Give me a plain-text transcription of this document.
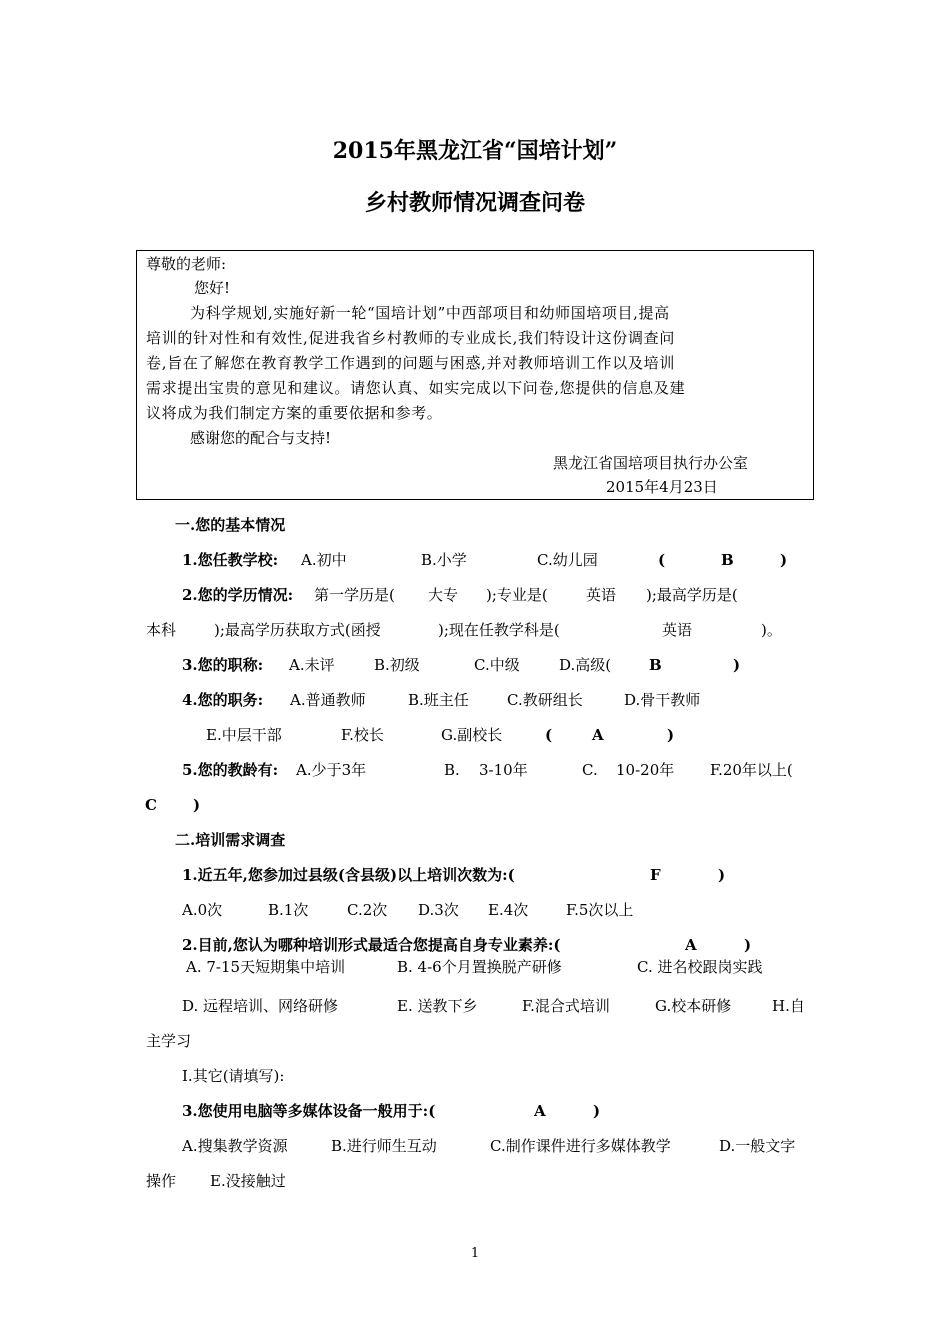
2015年黑龙江省“国培计划”
乡村教师情况调查问卷
尊敬的老师:
您好!
为科学规划,实施好新一轮“国培计划”中西部项目和幼师国培项目,提高
培训的针对性和有效性,促进我省乡村教师的专业成长,我们特设计这份调查问
卷,旨在了解您在教育教学工作遇到的问题与困惑,并对教师培训工作以及培训
需求提出宝贵的意见和建议。请您认真、如实完成以下问卷,您提供的信息及建
议将成为我们制定方案的重要依据和参考。
感谢您的配合与支持!
黑龙江省国培项目执行办公室
2015年4月23日
一.您的基本情况
1.您任教学校: A.初中	B.小学	C.幼儿园	(	B	)
2.您的学历情况: 第一学历是( 大专 );专业是(	英语 );最高学历是(
本科	);最高学历获取方式(函授	);现在任教学科是(	英语	)。
3.您的职称: A.未评	B.初级	C.中级	D.高级(	B	)
4.您的职务: A.普通教师	B.班主任	C.教研组长	D.骨干教师
E.中层干部	F.校长	G.副校长	(	A	)
5.您的教龄有: A.少于3年	B. 3-10年	C. 10-20年 F.20年以上(
C )
二.培训需求调查
1.近五年,您参加过县级(含县级)以上培训次数为:(	F	)
A.0次	B.1次	C.2次 D.3次 E.4次	F.5次以上
2.目前,您认为哪种培训形式最适合您提高自身专业素养:(	A	)
A. 7-15天短期集中培训	B. 4-6个月置换脱产研修	C. 进名校跟岗实践
D. 远程培训、网络研修	E. 送教下乡	F.混合式培训	G.校本研修	H.自
主学习
I.其它(请填写):
3.您使用电脑等多媒体设备一般用于:(	A	)
A.搜集教学资源	B.进行师生互动	C.制作课件进行多媒体教学	D.一般文字
操作 E.没接触过
1
